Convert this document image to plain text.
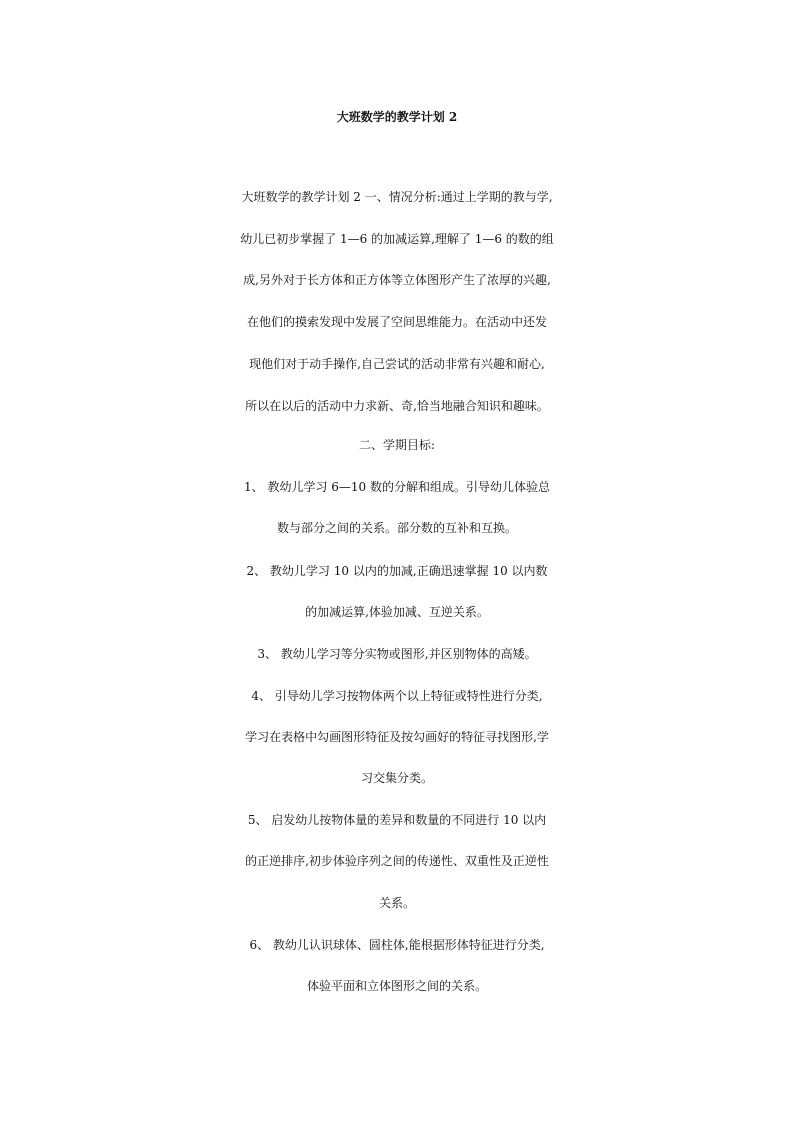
大班数学的教学计划 2
大班数学的教学计划 2 一、情况分析:通过上学期的教与学,
幼儿已初步掌握了 1—6 的加减运算,理解了 1—6 的数的组
成,另外对于长方体和正方体等立体图形产生了浓厚的兴趣,
在他们的摸索发现中发展了空间思维能力。在活动中还发
现他们对于动手操作,自己尝试的活动非常有兴趣和耐心,
所以在以后的活动中力求新、奇,恰当地融合知识和趣味。
二、学期目标:
1、 教幼儿学习 6—10 数的分解和组成。引导幼儿体验总
数与部分之间的关系。部分数的互补和互换。
2、 教幼儿学习 10 以内的加减,正确迅速掌握 10 以内数
的加减运算,体验加减、互逆关系。
3、 教幼儿学习等分实物或图形,并区别物体的高矮。
4、 引导幼儿学习按物体两个以上特征或特性进行分类,
学习在表格中勾画图形特征及按勾画好的特征寻找图形,学
习交集分类。
5、 启发幼儿按物体量的差异和数量的不同进行 10 以内
的正逆排序,初步体验序列之间的传递性、双重性及正逆性
关系。
6、 教幼儿认识球体、圆柱体,能根据形体特征进行分类,
体验平面和立体图形之间的关系。
